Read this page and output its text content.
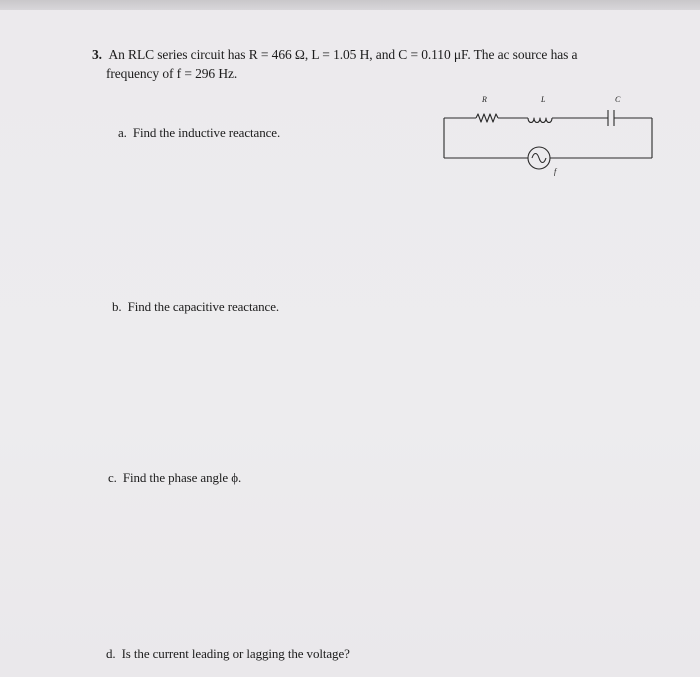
3. An RLC series circuit has R = 466 Ω, L = 1.05 H, and C = 0.110 μF. The ac source has a
frequency of f = 296 Hz.
R	L	C
f
a. Find the inductive reactance.
b. Find the capacitive reactance.
c. Find the phase angle ϕ.
d. Is the current leading or lagging the voltage?
